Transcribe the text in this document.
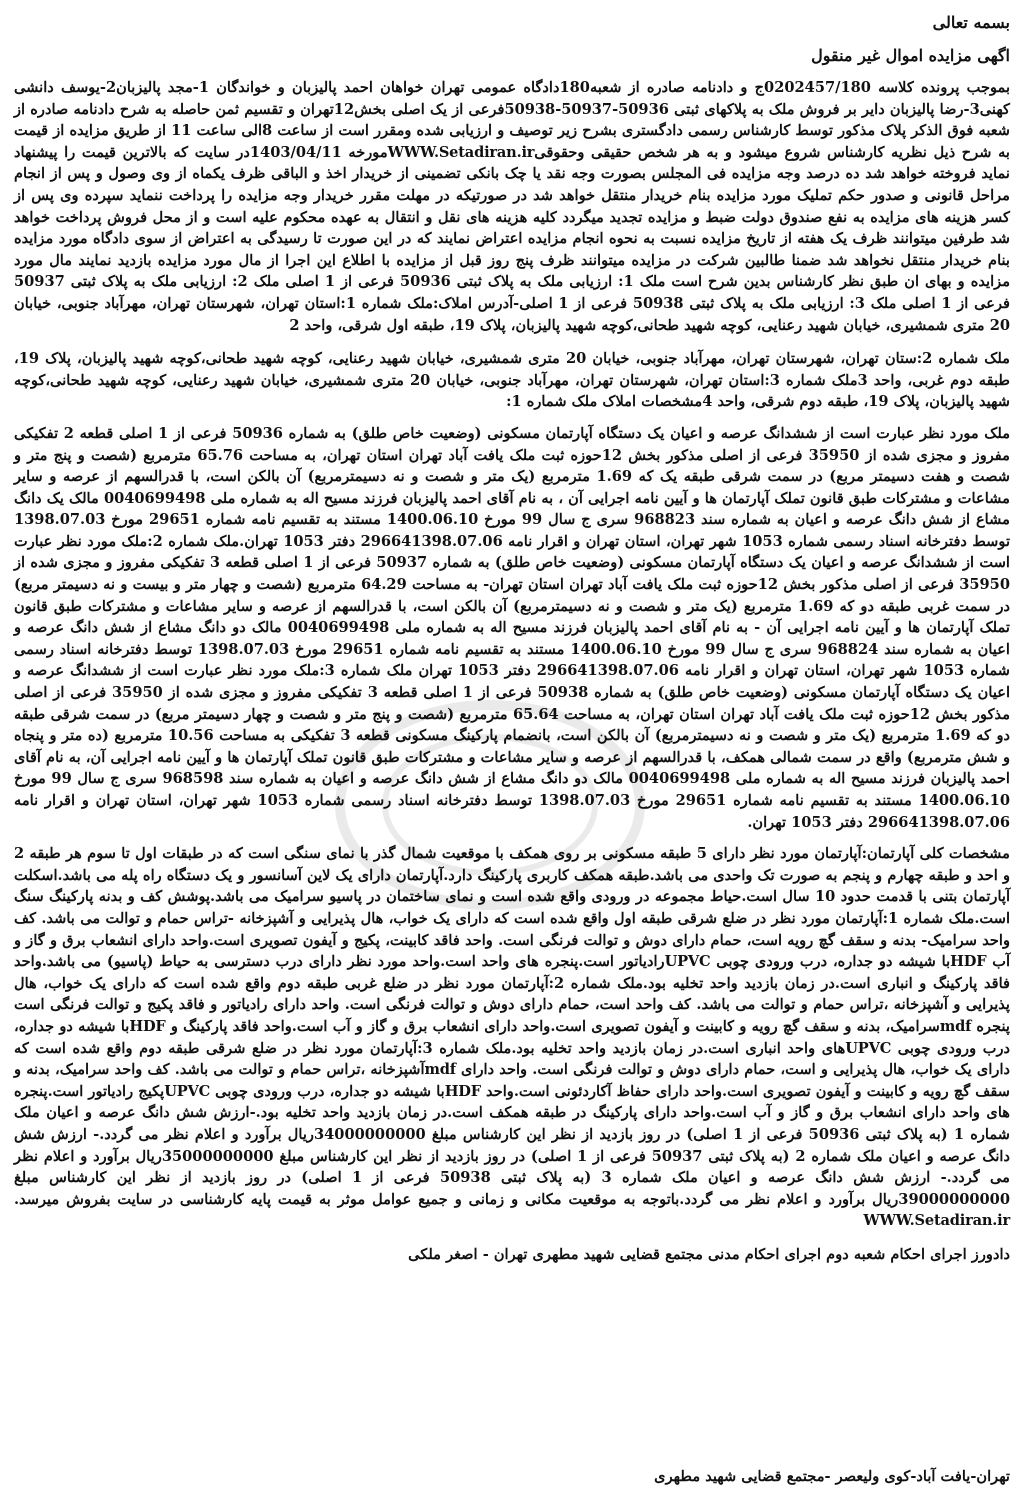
بسمه تعالی
اگهی مزایده اموال غیر منقول
بموجب پرونده کلاسه 0202457/180ج و دادنامه صادره از شعبه180دادگاه عمومی تهران خواهان احمد پالیزبان و خواندگان 1-مجد پالیزبان2-یوسف دانشی کهنی3-رضا پالیزبان دایر بر فروش ملک به پلاکهای ثبتی 50936-50937-50938فرعی از یک اصلی بخش12تهران و تقسیم ثمن حاصله به شرح دادنامه صادره از شعبه فوق الذکر پلاک مذکور توسط کارشناس رسمی دادگستری بشرح زیر توصیف و ارزیابی شده ومقرر است از ساعت 8الی ساعت 11 از طریق مزایده از قیمت به شرح ذیل نظریه کارشناس شروع میشود و به هر شخص حقیقی وحقوقیWWW.Setadiran.irمورخه 1403/04/11در سایت که بالاترین قیمت را پیشنهاد نماید فروخته خواهد شد ده درصد وجه مزایده فی المجلس بصورت وجه نقد یا چک بانکی تضمینی از خریدار اخذ و الباقی ظرف یکماه از وی وصول و پس از انجام مراحل قانونی و صدور حکم تملیک مورد مزایده بنام خریدار منتقل خواهد شد در صورتیکه در مهلت مقرر خریدار وجه مزایده را پرداخت ننماید سپرده وی پس از کسر هزینه های مزایده به نفع صندوق دولت ضبط و مزایده تجدید میگردد کلیه هزینه های نقل و انتقال به عهده محکوم علیه است و از محل فروش پرداخت خواهد شد طرفین میتوانند ظرف یک هفته از تاریخ مزایده نسبت به نحوه انجام مزایده اعتراض نمایند که در این صورت تا رسیدگی به اعتراض از سوی دادگاه مورد مزایده بنام خریدار منتقل نخواهد شد ضمنا طالبین شرکت در مزایده میتوانند ظرف پنج روز قبل از مزایده با اطلاع این اجرا از مال مورد مزایده بازدید نمایند مال مورد مزایده و بهای ان طبق نظر کارشناس بدین شرح است ملک 1: ارزیابی ملک به پلاک ثبتی 50936 فرعی از 1 اصلی ملک 2: ارزیابی ملک به پلاک ثبتی 50937 فرعی از 1 اصلی ملک 3: ارزیابی ملک به پلاک ثبتی 50938 فرعی از 1 اصلی-آدرس املاک:ملک شماره 1:استان تهران، شهرستان تهران، مهرآباد جنوبی، خیابان 20 متری شمشیری، خیابان شهید رعنایی، کوچه شهید طحانی،کوچه شهید پالیزبان، پلاک 19، طبقه اول شرقی، واحد 2
ملک شماره 2:ستان تهران، شهرستان تهران، مهرآباد جنوبی، خیابان 20 متری شمشیری، خیابان شهید رعنایی، کوچه شهید طحانی،کوچه شهید پالیزبان، پلاک 19، طبقه دوم غربی، واحد 3ملک شماره 3:استان تهران، شهرستان تهران، مهرآباد جنوبی، خیابان 20 متری شمشیری، خیابان شهید رعنایی، کوچه شهید طحانی،کوچه شهید پالیزبان، پلاک 19، طبقه دوم شرقی، واحد 4مشخصات املاک ملک شماره 1:
ملک مورد نظر عبارت است از ششدانگ عرصه و اعیان یک دستگاه آپارتمان مسکونی (وضعیت خاص طلق) به شماره 50936 فرعی از 1 اصلی قطعه 2 تفکیکی مفروز و مجزی شده از 35950 فرعی از اصلی مذکور بخش 12حوزه ثبت ملک یافت آباد تهران استان تهران، به مساحت 65.76 مترمربع (شصت و پنج متر و شصت و هفت دسیمتر مربع) در سمت شرقی طبقه یک که 1.69 مترمربع (یک متر و شصت و نه دسیمترمربع) آن بالکن است، با قدرالسهم از عرصه و سایر مشاعات و مشترکات طبق قانون تملک آپارتمان ها و آیین نامه اجرایی آن ، به نام آقای احمد پالیزبان فرزند مسیح اله به شماره ملی 0040699498 مالک یک دانگ مشاع از شش دانگ عرصه و اعیان به شماره سند 968823 سری ج سال 99 مورخ 1400.06.10 مستند به تقسیم نامه شماره 29651 مورخ 1398.07.03 توسط دفترخانه اسناد رسمی شماره 1053 شهر تهران، استان تهران و اقرار نامه 296641398.07.06 دفتر 1053 تهران.ملک شماره 2:ملک مورد نظر عبارت است از ششدانگ عرصه و اعیان یک دستگاه آپارتمان مسکونی (وضعیت خاص طلق) به شماره 50937 فرعی از 1 اصلی قطعه 3 تفکیکی مفروز و مجزی شده از 35950 فرعی از اصلی مذکور بخش 12حوزه ثبت ملک یافت آباد تهران استان تهران- به مساحت 64.29 مترمربع (شصت و چهار متر و بیست و نه دسیمتر مربع) در سمت غربی طبقه دو که 1.69 مترمربع (یک متر و شصت و نه دسیمترمربع) آن بالکن است، با قدرالسهم از عرصه و سایر مشاعات و مشترکات طبق قانون تملک آپارتمان ها و آیین نامه اجرایی آن - به نام آقای احمد پالیزبان فرزند مسیح اله به شماره ملی 0040699498 مالک دو دانگ مشاع از شش دانگ عرصه و اعیان به شماره سند 968824 سری ج سال 99 مورخ 1400.06.10 مستند به تقسیم نامه شماره 29651 مورخ 1398.07.03 توسط دفترخانه اسناد رسمی شماره 1053 شهر تهران، استان تهران و اقرار نامه 296641398.07.06 دفتر 1053 تهران ملک شماره 3:ملک مورد نظر عبارت است از ششدانگ عرصه و اعیان یک دستگاه آپارتمان مسکونی (وضعیت خاص طلق) به شماره 50938 فرعی از 1 اصلی قطعه 3 تفکیکی مفروز و مجزی شده از 35950 فرعی از اصلی مذکور بخش 12حوزه ثبت ملک یافت آباد تهران استان تهران، به مساحت 65.64 مترمربع (شصت و پنج متر و شصت و چهار دسیمتر مربع) در سمت شرقی طبقه دو که 1.69 مترمربع (یک متر و شصت و نه دسیمترمربع) آن بالکن است، بانضمام پارکینگ مسکونی قطعه 3 تفکیکی به مساحت 10.56 مترمربع (ده متر و پنجاه و شش مترمربع) واقع در سمت شمالی همکف، با قدرالسهم از عرصه و سایر مشاعات و مشترکات طبق قانون تملک آپارتمان ها و آیین نامه اجرایی آن، به نام آقای احمد پالیزبان فرزند مسیح اله به شماره ملی 0040699498 مالک دو دانگ مشاع از شش دانگ عرصه و اعیان به شماره سند 968598 سری ج سال 99 مورخ 1400.06.10 مستند به تقسیم نامه شماره 29651 مورخ 1398.07.03 توسط دفترخانه اسناد رسمی شماره 1053 شهر تهران، استان تهران و اقرار نامه 296641398.07.06 دفتر 1053 تهران.
مشخصات کلی آپارتمان:آپارتمان مورد نظر دارای 5 طبقه مسکونی بر روی همکف با موقعیت شمال گذر با نمای سنگی است که در طبقات اول تا سوم هر طبقه 2 و احد و طبقه چهارم و پنجم به صورت تک واحدی می باشد.طبقه همکف کاربری پارکینگ دارد.آپارتمان دارای یک لاین آسانسور و یک دستگاه راه پله می باشد.اسکلت آپارتمان بتنی با قدمت حدود 10 سال است.حیاط مجموعه در ورودی واقع شده است و نمای ساختمان در پاسیو سرامیک می باشد.پوشش کف و بدنه پارکینگ سنگ است.ملک شماره 1:آپارتمان مورد نظر در ضلع شرقی طبقه اول واقع شده است که دارای یک خواب، هال پذیرایی و آشپزخانه -تراس حمام و توالت می باشد. کف واحد سرامیک- بدنه و سقف گچ رویه است، حمام دارای دوش و توالت فرنگی است. واحد فاقد کابینت، پکیج و آیفون تصویری است.واحد دارای انشعاب برق و گاز و آب HDFبا شیشه دو جداره، درب ورودی چوبی UPVCرادیاتور است.پنجره های واحد است.واحد مورد نظر دارای درب دسترسی به حیاط (پاسیو) می باشد.واحد فاقد پارکینگ و انباری است.در زمان بازدید واحد تخلیه بود.ملک شماره 2:آپارتمان مورد نظر در ضلع غربی طبقه دوم واقع شده است که دارای یک خواب، هال پذیرایی و آشپزخانه ،تراس حمام و توالت می باشد. کف واحد است، حمام دارای دوش و توالت فرنگی است. واحد دارای رادیاتور و فاقد پکیج و توالت فرنگی است پنجره mdfسرامیک، بدنه و سقف گچ رویه و کابینت و آیفون تصویری است.واحد دارای انشعاب برق و گاز و آب است.واحد فاقد پارکینگ و HDFبا شیشه دو جداره، درب ورودی چوبی UPVCهای واحد انباری است.در زمان بازدید واحد تخلیه بود.ملک شماره 3:آپارتمان مورد نظر در ضلع شرقی طبقه دوم واقع شده است که دارای یک خواب، هال پذیرایی و است، حمام دارای دوش و توالت فرنگی است. واحد دارای mdfآشپزخانه ،تراس حمام و توالت می باشد. کف واحد سرامیک، بدنه و سقف گچ رویه و کابینت و آیفون تصویری است.واحد دارای حفاظ آکاردئونی است.واحد HDFبا شیشه دو جداره، درب ورودی چوبی UPVCپکیج رادیاتور است.پنجره های واحد دارای انشعاب برق و گاز و آب است.واحد دارای پارکینگ در طبقه همکف است.در زمان بازدید واحد تخلیه بود.-ارزش شش دانگ عرصه و اعیان ملک شماره 1 (به پلاک ثبتی 50936 فرعی از 1 اصلی) در روز بازدید از نظر این کارشناس مبلغ 34000000000ریال برآورد و اعلام نظر می گردد.- ارزش شش دانگ عرصه و اعیان ملک شماره 2 (به پلاک ثبتی 50937 فرعی از 1 اصلی) در روز بازدید از نظر این کارشناس مبلغ 35000000000ریال برآورد و اعلام نظر می گردد.- ارزش شش دانگ عرصه و اعیان ملک شماره 3 (به پلاک ثبتی 50938 فرعی از 1 اصلی) در روز بازدید از نظر این کارشناس مبلغ 39000000000ریال برآورد و اعلام نظر می گردد.باتوجه به موقعیت مکانی و زمانی و جمیع عوامل موثر به قیمت پایه کارشناسی در سایت بفروش میرسد. WWW.Setadiran.ir
دادورز اجرای احکام شعبه دوم اجرای احکام مدنی مجتمع قضایی شهید مطهری تهران - اصغر ملکی
تهران-یافت آباد-کوی ولیعصر -مجتمع قضایی شهید مطهری
